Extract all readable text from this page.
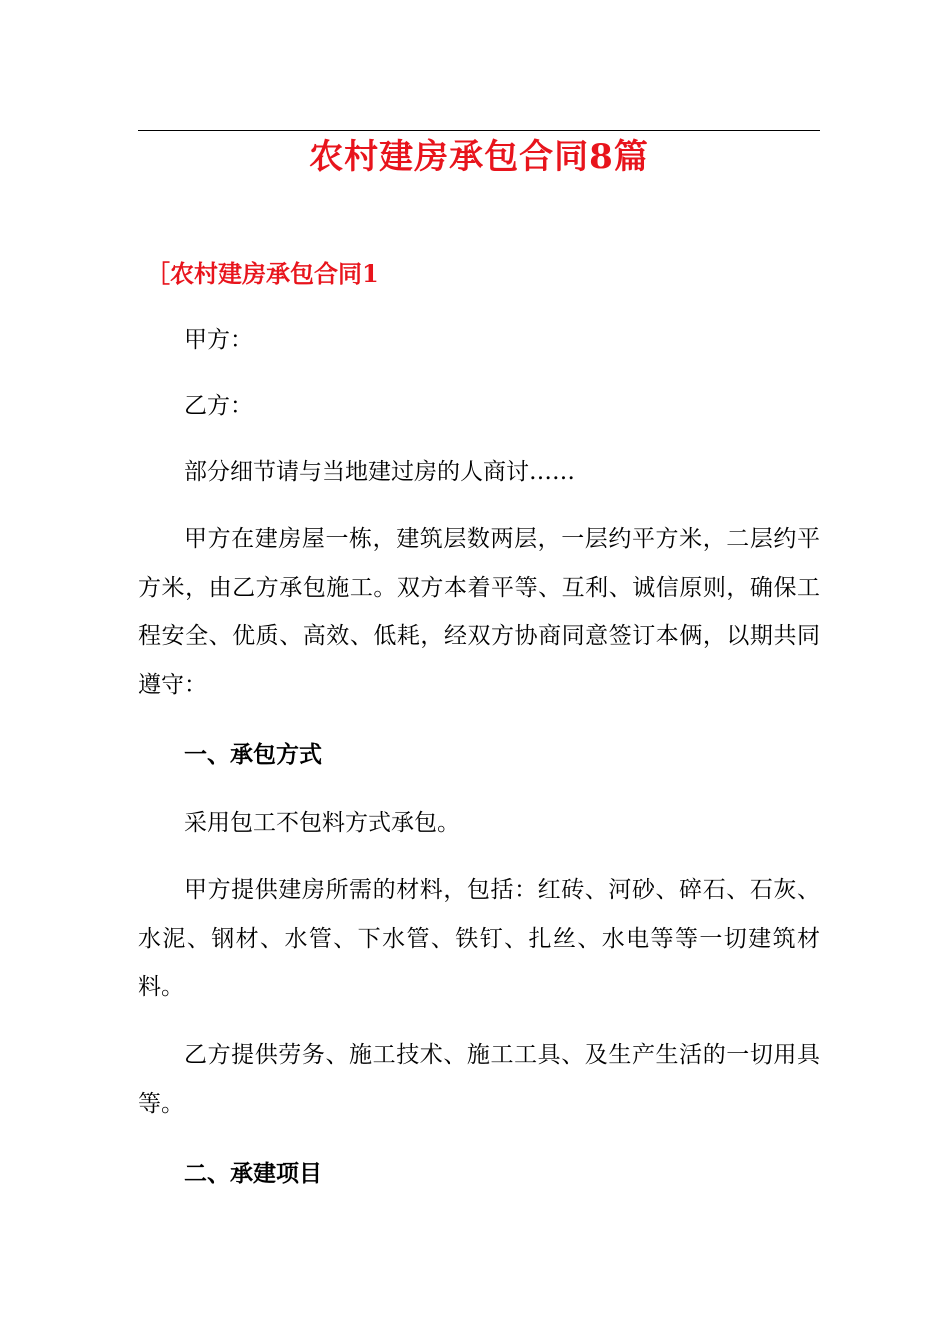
农村建房承包合同8篇
［农村建房承包合同1

甲方：

乙方：

部分细节请与当地建过房的人商讨……

甲方在建房屋一栋，建筑层数两层，一层约平方米，二层约平方米，由乙方承包施工。双方本着平等、互利、诚信原则，确保工程安全、优质、高效、低耗，经双方协商同意签订本俩，以期共同遵守：

一、承包方式

采用包工不包料方式承包。

甲方提供建房所需的材料，包括：红砖、河砂、碎石、石灰、水泥、钢材、水管、下水管、铁钉、扎丝、水电等等一切建筑材料。

乙方提供劳务、施工技术、施工工具、及生产生活的一切用具等。

二、承建项目
